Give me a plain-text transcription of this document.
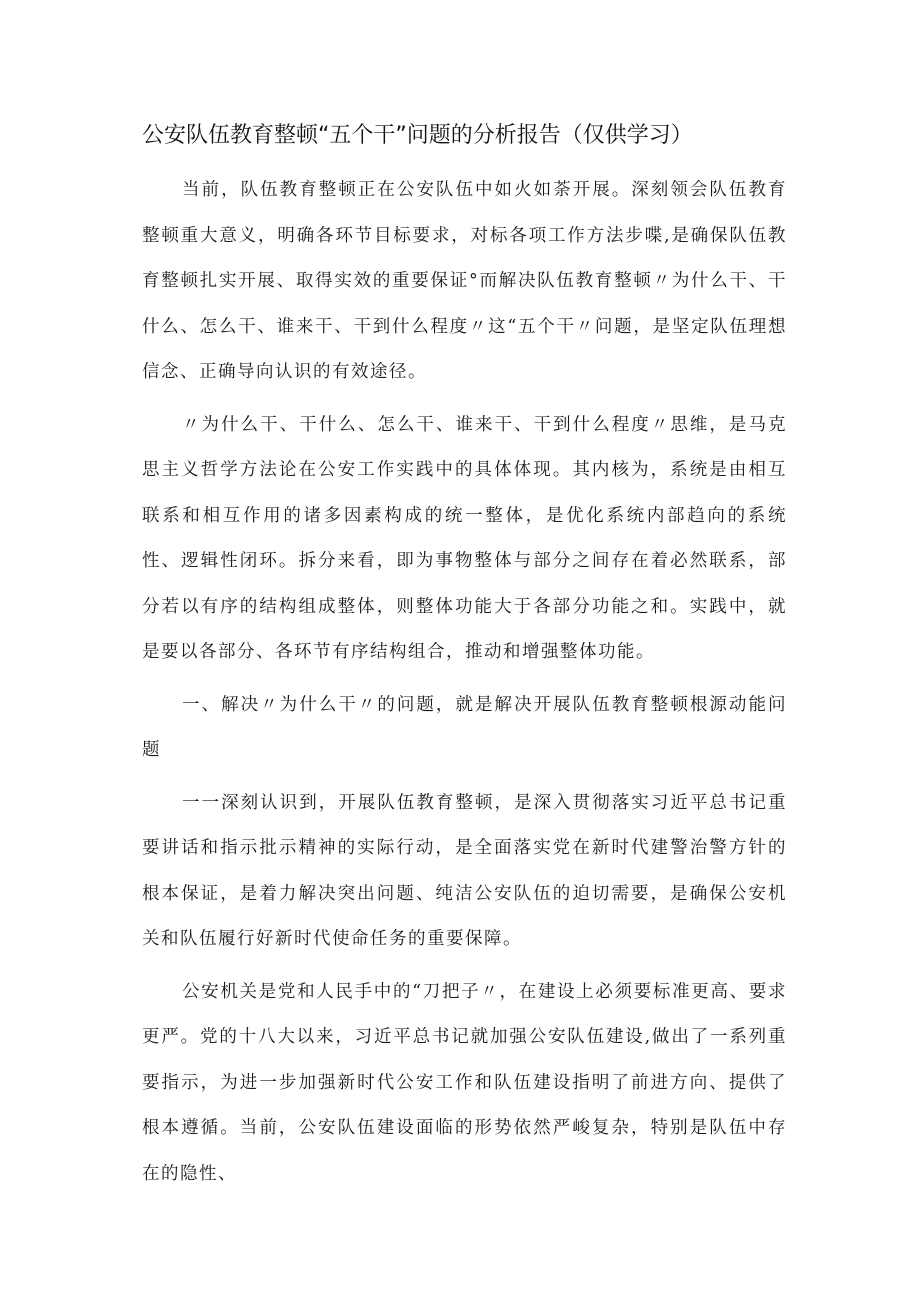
公安队伍教育整顿“五个干”问题的分析报告（仅供学习）

当前，队伍教育整顿正在公安队伍中如火如荼开展。深刻领会队伍教育整顿重大意义，明确各环节目标要求，对标各项工作方法步喋,是确保队伍教育整顿扎实开展、取得实效的重要保证°而解决队伍教育整顿〃为什么干、干什么、怎么干、谁来干、干到什么程度〃这“五个干〃问题，是坚定队伍理想信念、正确导向认识的有效途径。

〃为什么干、干什么、怎么干、谁来干、干到什么程度〃思维，是马克思主义哲学方法论在公安工作实践中的具体体现。其内核为，系统是由相互联系和相互作用的诸多因素构成的统一整体，是优化系统内部趋向的系统性、逻辑性闭环。拆分来看，即为事物整体与部分之间存在着必然联系，部分若以有序的结构组成整体，则整体功能大于各部分功能之和。实践中，就是要以各部分、各环节有序结构组合，推动和增强整体功能。

一、解决〃为什么干〃的问题，就是解决开展队伍教育整顿根源动能问题

一一深刻认识到，开展队伍教育整顿，是深入贯彻落实习近平总书记重要讲话和指示批示精神的实际行动，是全面落实党在新时代建警治警方针的根本保证，是着力解决突出问题、纯洁公安队伍的迫切需要，是确保公安机关和队伍履行好新时代使命任务的重要保障。

公安机关是党和人民手中的“刀把子〃，在建设上必须要标准更高、要求更严。党的十八大以来，习近平总书记就加强公安队伍建设,做出了一系列重要指示，为进一步加强新时代公安工作和队伍建设指明了前进方向、提供了根本遵循。当前，公安队伍建设面临的形势依然严峻复杂，特别是队伍中存在的隐性、
